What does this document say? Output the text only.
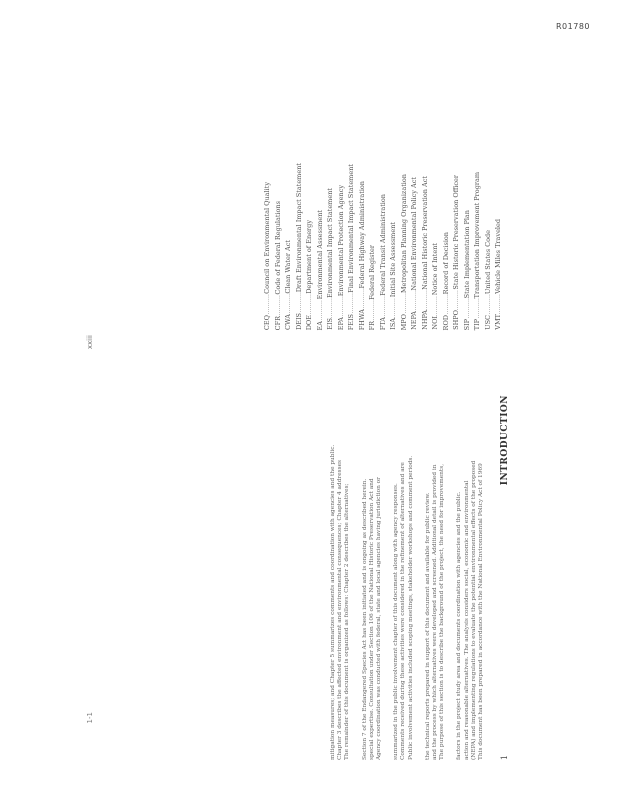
R01780
xxiii
1-1
CEQ
..........
Council on Environmental Quality
CFR
..........
Code of Federal Regulations
CWA
..........
Clean Water Act
DEIS
..........
Draft Environmental Impact Statement
DOE
..........
Department of Energy
EA
..........
Environmental Assessment
EIS
..........
Environmental Impact Statement
EPA
..........
Environmental Protection Agency
FEIS
..........
Final Environmental Impact Statement
FHWA
..........
Federal Highway Administration
FR
..........
Federal Register
FTA
..........
Federal Transit Administration
ISA
..........
Initial Site Assessment
MPO
..........
Metropolitan Planning Organization
NEPA
..........
National Environmental Policy Act
NHPA
..........
National Historic Preservation Act
NOI
..........
Notice of Intent
ROD
..........
Record of Decision
SHPO
..........
State Historic Preservation Officer
SIP
..........
State Implementation Plan
TIP
..........
Transportation Improvement Program
USC
..........
United States Code
VMT
..........
Vehicle Miles Traveled
1
INTRODUCTION
This document has been prepared in accordance with the National Environmental Policy Act of 1969
(NEPA) and implementing regulations to evaluate the potential environmental effects of the proposed
action and reasonable alternatives. The analysis considers social, economic and environmental
factors in the project study area and documents coordination with agencies and the public.
The purpose of this section is to describe the background of the project, the need for improvements,
and the process by which alternatives were developed and screened. Additional detail is provided in
the technical reports prepared in support of this document and available for public review.
Public involvement activities included scoping meetings, stakeholder workshops and comment periods.
Comments received during these activities were considered in the refinement of alternatives and are
summarized in the public involvement chapter of this document along with agency responses.
Agency coordination was conducted with federal, state and local agencies having jurisdiction or
special expertise. Consultation under Section 106 of the National Historic Preservation Act and
Section 7 of the Endangered Species Act has been initiated and is ongoing as described herein.
The remainder of this document is organized as follows: Chapter 2 describes the alternatives;
Chapter 3 describes the affected environment and environmental consequences; Chapter 4 addresses
mitigation measures; and Chapter 5 summarizes comments and coordination with agencies and the public.
